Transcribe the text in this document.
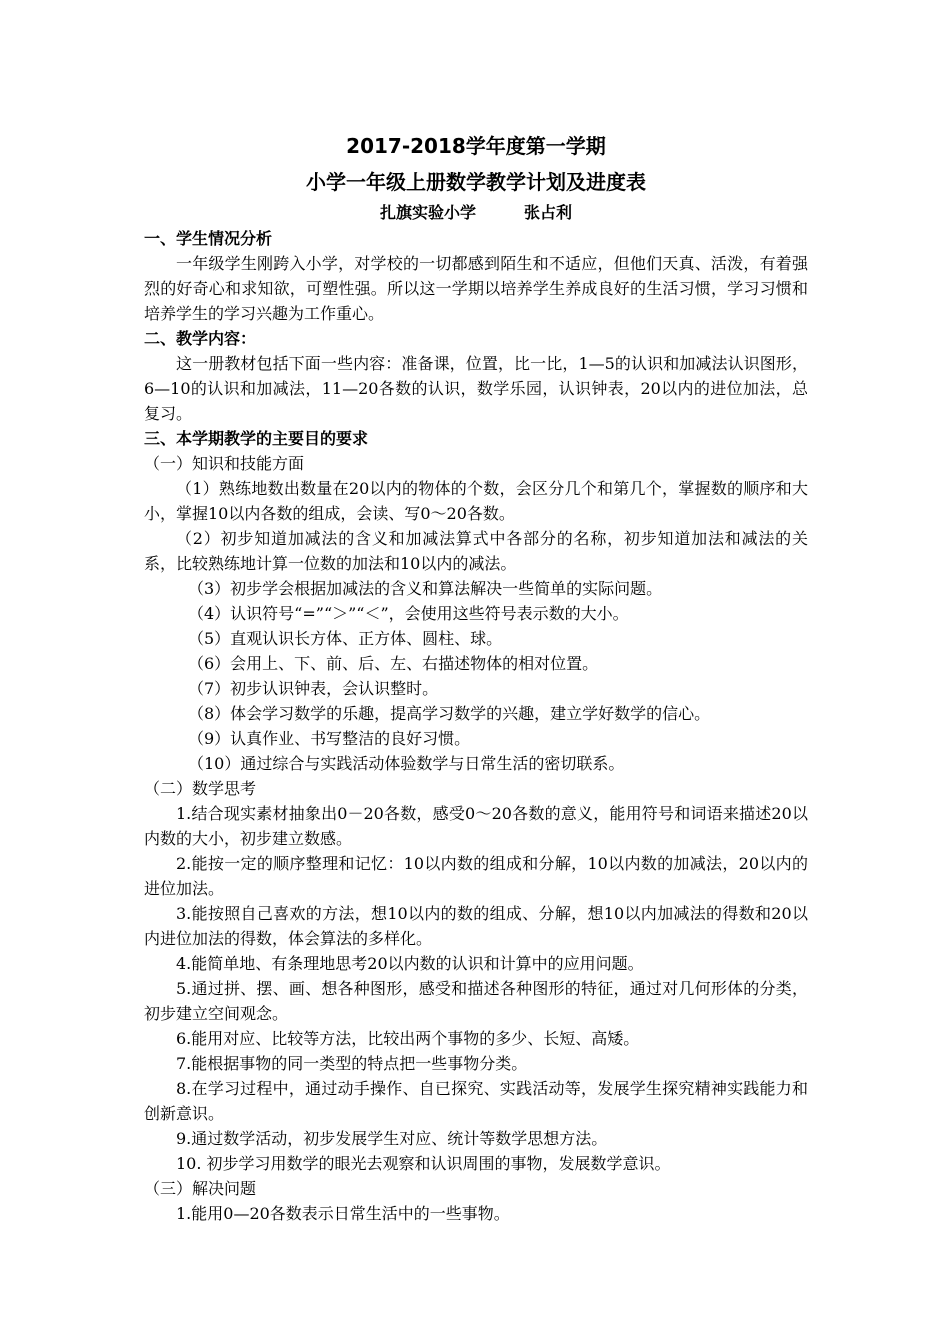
2017-2018学年度第一学期
小学一年级上册数学教学计划及进度表
扎旗实验小学	张占利
一、学生情况分析

一年级学生刚跨入小学，对学校的一切都感到陌生和不适应，但他们天真、活泼，有着强烈的好奇心和求知欲，可塑性强。所以这一学期以培养学生养成良好的生活习惯，学习习惯和培养学生的学习兴趣为工作重心。

二、教学内容：

这一册教材包括下面一些内容：准备课，位置，比一比，1—5的认识和加减法认识图形， 6—10的认识和加减法，11—20各数的认识，数学乐园，认识钟表，20以内的进位加法，总复习。

三、本学期教学的主要目的要求
（一）知识和技能方面

（1）熟练地数出数量在20以内的物体的个数，会区分几个和第几个，掌握数的顺序和大小，掌握10以内各数的组成，会读、写0～20各数。

（2）初步知道加减法的含义和加减法算式中各部分的名称，初步知道加法和减法的关系，比较熟练地计算一位数的加法和10以内的减法。

（3）初步学会根据加减法的含义和算法解决一些简单的实际问题。

（4）认识符号“=”“＞”“＜”，会使用这些符号表示数的大小。

（5）直观认识长方体、正方体、圆柱、球。

（6）会用上、下、前、后、左、右描述物体的相对位置。

（7）初步认识钟表，会认识整时。

（8）体会学习数学的乐趣，提高学习数学的兴趣，建立学好数学的信心。

（9）认真作业、书写整洁的良好习惯。

（10）通过综合与实践活动体验数学与日常生活的密切联系。

（二）数学思考

1.结合现实素材抽象出0－20各数，感受0～20各数的意义，能用符号和词语来描述20以内数的大小，初步建立数感。

2.能按一定的顺序整理和记忆：10以内数的组成和分解，10以内数的加减法，20以内的进位加法。

3.能按照自己喜欢的方法，想10以内的数的组成、分解，想10以内加减法的得数和20以内进位加法的得数，体会算法的多样化。

4.能简单地、有条理地思考20以内数的认识和计算中的应用问题。

5.通过拼、摆、画、想各种图形，感受和描述各种图形的特征，通过对几何形体的分类，初步建立空间观念。

6.能用对应、比较等方法，比较出两个事物的多少、长短、高矮。

7.能根据事物的同一类型的特点把一些事物分类。

8.在学习过程中，通过动手操作、自已探究、实践活动等，发展学生探究精神实践能力和创新意识。

9.通过数学活动，初步发展学生对应、统计等数学思想方法。

10. 初步学习用数学的眼光去观察和认识周围的事物，发展数学意识。

（三）解决问题

1.能用0—20各数表示日常生活中的一些事物。
